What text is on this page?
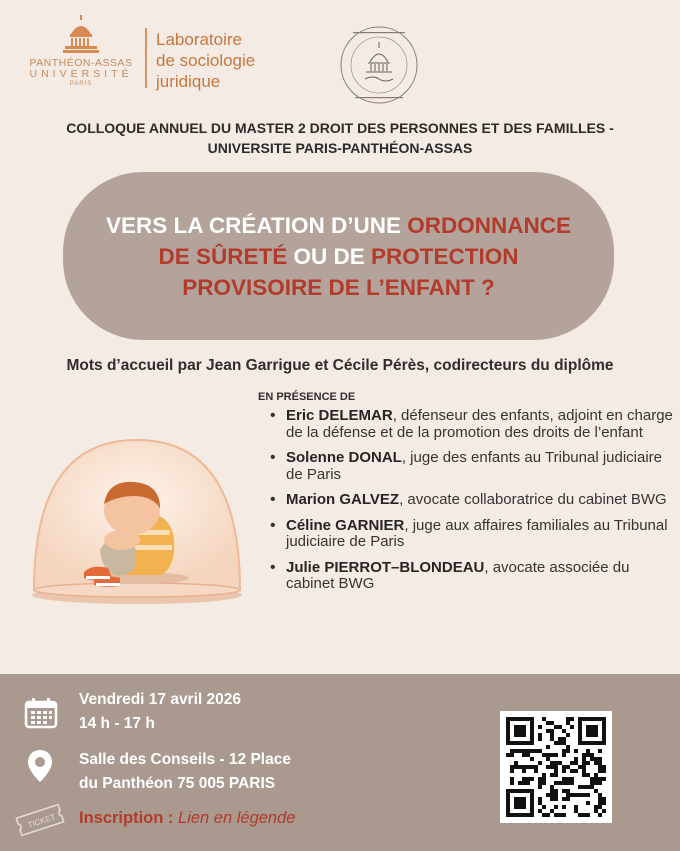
PANTHÉON-ASSAS
UNIVERSITÉ
PARIS
Laboratoire
de sociologie
juridique
COLLOQUE ANNUEL DU MASTER 2 DROIT DES PERSONNES ET DES FAMILLES -
UNIVERSITE PARIS-PANTHÉON-ASSAS
VERS LA CRÉATION D’UNE ORDONNANCE
DE SÛRETÉ OU DE PROTECTION
PROVISOIRE DE L’ENFANT ?
Mots d’accueil par Jean Garrigue et Cécile Pérès, codirecteurs du diplôme
EN PRÉSENCE DE
• Eric DELEMAR, défenseur des enfants, adjoint en charge de la défense et de la promotion des droits de l’enfant
• Solenne DONAL, juge des enfants au Tribunal judiciaire de Paris
• Marion GALVEZ, avocate collaboratrice du cabinet BWG
• Céline GARNIER, juge aux affaires familiales au Tribunal judiciaire de Paris
• Julie PIERROT–BLONDEAU, avocate associée du cabinet BWG
TICKET
Vendredi 17 avril 2026
14 h - 17 h
Salle des Conseils - 12 Place
du Panthéon 75 005 PARIS
Inscription : Lien en légende
